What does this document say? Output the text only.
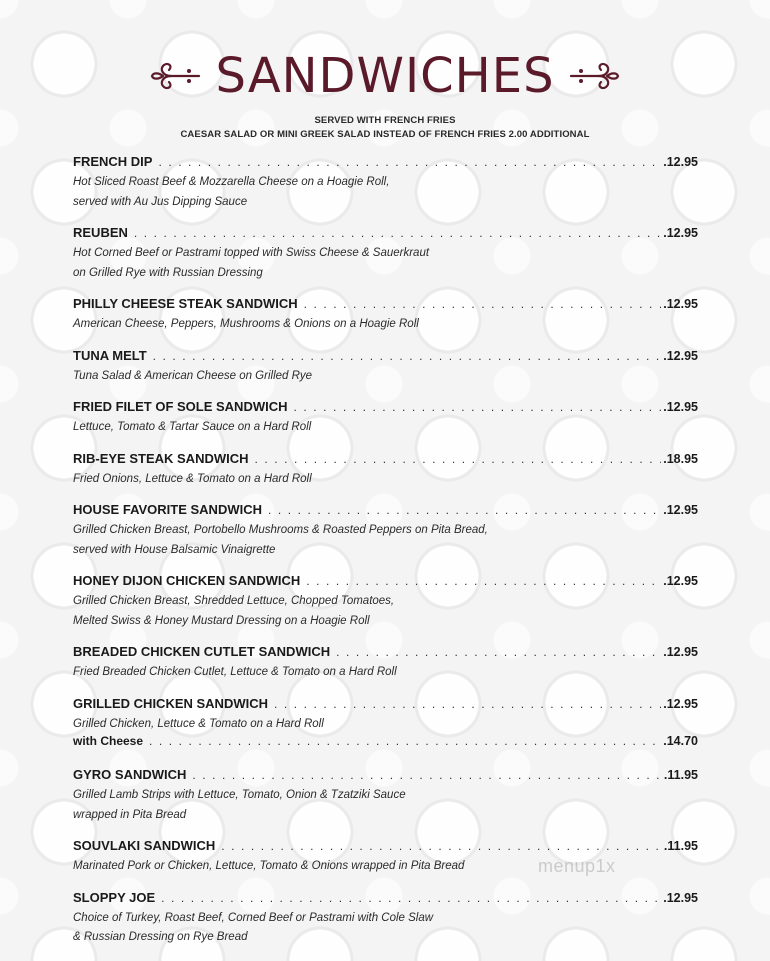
SANDWICHES
SERVED WITH FRENCH FRIES
CAESAR SALAD OR MINI GREEK SALAD INSTEAD OF FRENCH FRIES 2.00 ADDITIONAL
FRENCH DIP . . .	.12.95
Hot Sliced Roast Beef & Mozzarella Cheese on a Hoagie Roll,
served with Au Jus Dipping Sauce
REUBEN . . .	.12.95
Hot Corned Beef or Pastrami topped with Swiss Cheese & Sauerkraut
on Grilled Rye with Russian Dressing
PHILLY CHEESE STEAK SANDWICH . . .	.12.95
American Cheese, Peppers, Mushrooms & Onions on a Hoagie Roll
TUNA MELT . . .	.12.95
Tuna Salad & American Cheese on Grilled Rye
FRIED FILET OF SOLE SANDWICH . . .	.12.95
Lettuce, Tomato & Tartar Sauce on a Hard Roll
RIB-EYE STEAK SANDWICH . . .	.18.95
Fried Onions, Lettuce & Tomato on a Hard Roll
HOUSE FAVORITE SANDWICH . . .	.12.95
Grilled Chicken Breast, Portobello Mushrooms & Roasted Peppers on Pita Bread,
served with House Balsamic Vinaigrette
HONEY DIJON CHICKEN SANDWICH . . .	.12.95
Grilled Chicken Breast, Shredded Lettuce, Chopped Tomatoes,
Melted Swiss & Honey Mustard Dressing on a Hoagie Roll
BREADED CHICKEN CUTLET SANDWICH . . .	.12.95
Fried Breaded Chicken Cutlet, Lettuce & Tomato on a Hard Roll
GRILLED CHICKEN SANDWICH . . .	.12.95
Grilled Chicken, Lettuce & Tomato on a Hard Roll
with Cheese . . .	.14.70
GYRO SANDWICH . . .	.11.95
Grilled Lamb Strips with Lettuce, Tomato, Onion & Tzatziki Sauce
wrapped in Pita Bread
SOUVLAKI SANDWICH . . .	.11.95
Marinated Pork or Chicken, Lettuce, Tomato & Onions wrapped in Pita Bread
SLOPPY JOE . . .	.12.95
Choice of Turkey, Roast Beef, Corned Beef or Pastrami with Cole Slaw
& Russian Dressing on Rye Bread
menup1x
